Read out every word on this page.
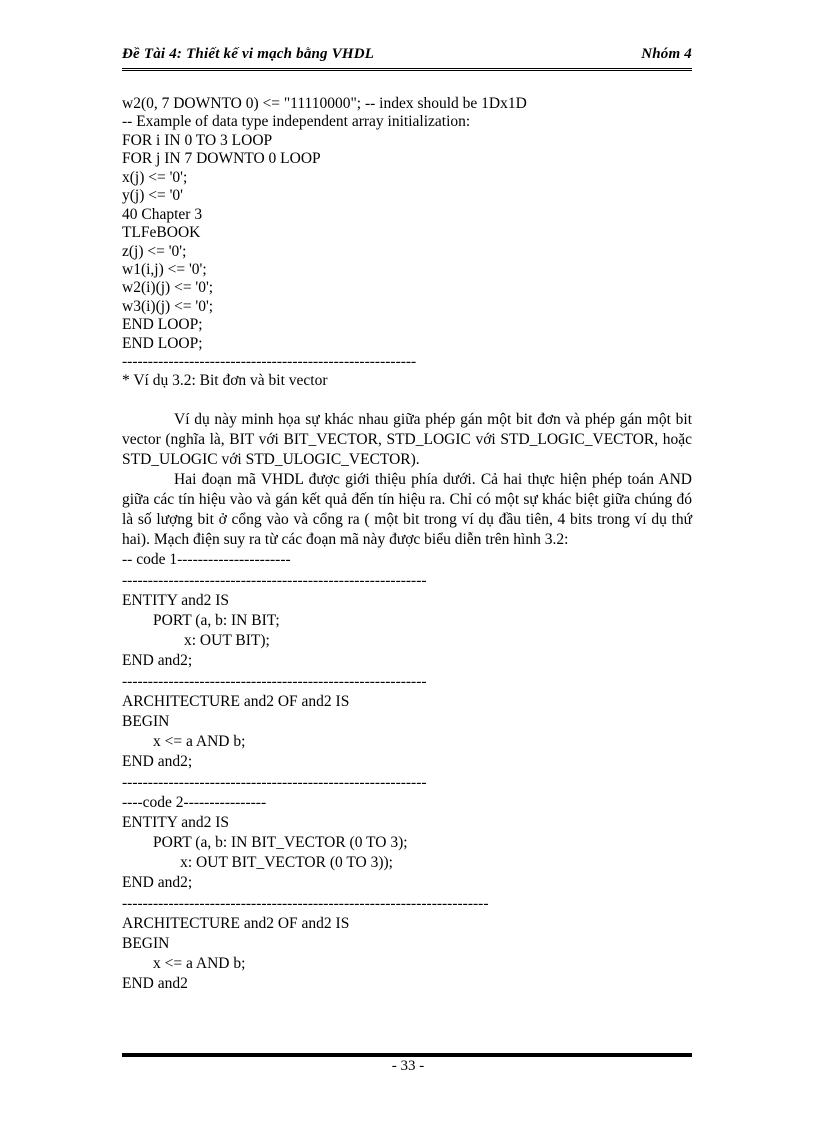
Đề Tài 4: Thiết kế vi mạch bằng VHDL	Nhóm 4
w2(0, 7 DOWNTO 0) <= "11110000"; -- index should be 1Dx1D
-- Example of data type independent array initialization:
FOR i IN 0 TO 3 LOOP
FOR j IN 7 DOWNTO 0 LOOP
x(j) <= '0';
y(j) <= '0'
40 Chapter 3
TLFeBOOK
z(j) <= '0';
w1(i,j) <= '0';
w2(i)(j) <= '0';
w3(i)(j) <= '0';
END LOOP;
END LOOP;
---------------------------------------------------------
* Ví dụ 3.2: Bit đơn và bit vector
Ví dụ này minh họa sự khác nhau giữa phép gán một bit đơn và phép gán một bit vector (nghĩa là, BIT với BIT_VECTOR, STD_LOGIC với STD_LOGIC_VECTOR, hoặc STD_ULOGIC với STD_ULOGIC_VECTOR).
Hai đoạn mã VHDL được giới thiệu phía dưới. Cả hai thực hiện phép toán AND giữa các tín hiệu vào và gán kết quả đến tín hiệu ra. Chỉ có một sự khác biệt giữa chúng đó là số lượng bit ở cổng vào và cổng ra ( một bit trong ví dụ đầu tiên, 4 bits trong ví dụ thứ hai). Mạch điện suy ra từ các đoạn mã này được biểu diễn trên hình 3.2:
-- code 1----------------------
-----------------------------------------------------------
ENTITY and2 IS
PORT (a, b: IN BIT;
x: OUT BIT);
END and2;
-----------------------------------------------------------
ARCHITECTURE and2 OF and2 IS
BEGIN
x <= a AND b;
END and2;
-----------------------------------------------------------
----code 2----------------
ENTITY and2 IS
PORT (a, b: IN BIT_VECTOR (0 TO 3);
x: OUT BIT_VECTOR (0 TO 3));
END and2;
-----------------------------------------------------------------------
ARCHITECTURE and2 OF and2 IS
BEGIN
x <= a AND b;
END and2
- 33 -
